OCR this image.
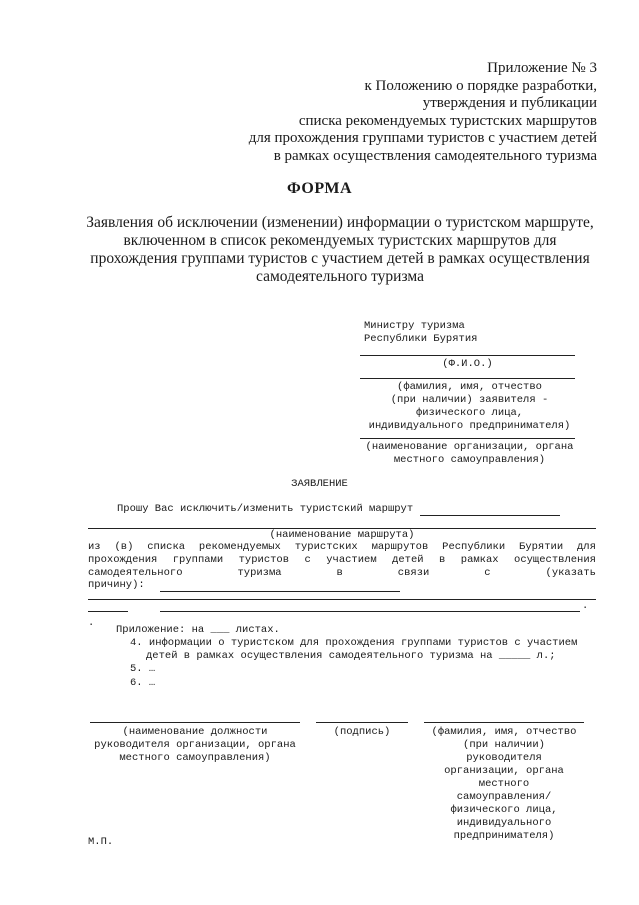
Приложение № 3
к Положению о порядке разработки,
утверждения и публикации
списка рекомендуемых туристских маршрутов
для прохождения группами туристов с участием детей
в рамках осуществления самодеятельного туризма
ФОРМА
Заявления об исключении (изменении) информации о туристском маршруте,
включенном в список рекомендуемых туристских маршрутов для
прохождения группами туристов с участием детей в рамках осуществления
самодеятельного туризма
Министру туризма
Республики Бурятия
(Ф.И.О.)
(фамилия, имя, отчество
(при наличии) заявителя -
физического лица,
индивидуального предпринимателя)
(наименование организации, органа
местного самоуправления)
ЗАЯВЛЕНИЕ
Прошу Вас исключить/изменить туристский маршрут
(наименование маршрута)
из (в) списка рекомендуемых туристских маршрутов Республики Бурятии для
прохождения группами туристов с участием детей в рамках осуществления
самодеятельного	туризма	в	связи	с	(указать
причину):
.
.
Приложение: на ___ листах.
4. информации о туристском для прохождения группами туристов с участием
детей в рамках осуществления самодеятельного туризма на _____ л.;
5. …
6. …
(наименование должности
руководителя организации, органа
местного самоуправления)
(подпись)	(фамилия, имя, отчество
(при наличии)
руководителя
организации, органа
местного
самоуправления/
физического лица,
индивидуального
предпринимателя)
М.П.
